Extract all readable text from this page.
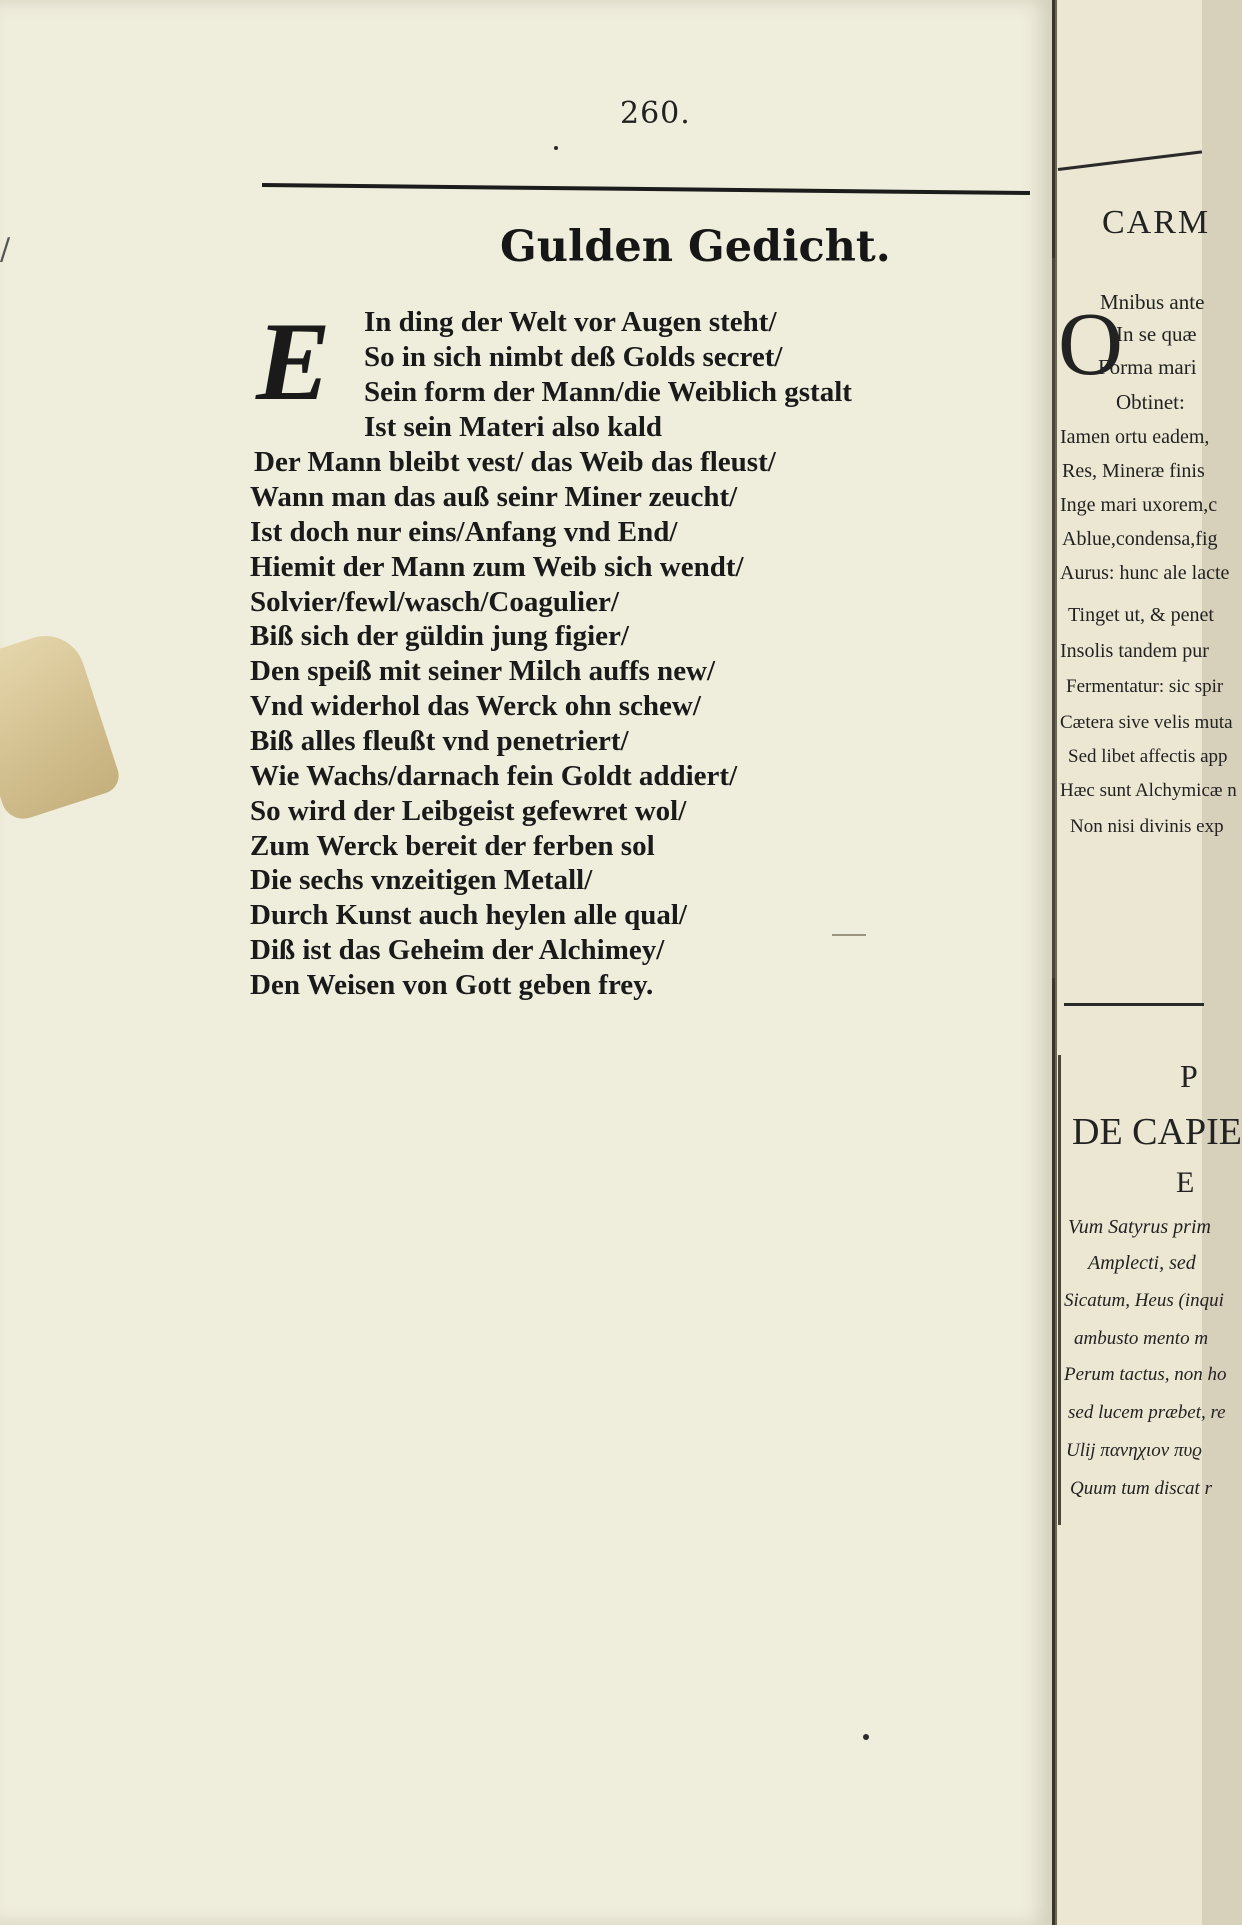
/
260.
Gulden Gedicht.
E In ding der Welt vor Augen steht/
So in sich nimbt deß Golds secret/
Sein form der Mann/die Weiblich gstalt
Ist sein Materi also kald
Der Mann bleibt vest/ das Weib das fleust/
Wann man das auß seinr Miner zeucht/
Ist doch nur eins/Anfang vnd End/
Hiemit der Mann zum Weib sich wendt/
Solvier/fewl/wasch/Coagulier/
Biß sich der güldin jung figier/
Den speiß mit seiner Milch auffs new/
Vnd widerhol das Werck ohn schew/
Biß alles fleußt vnd penetriert/
Wie Wachs/darnach fein Goldt addiert/
So wird der Leibgeist gefewret wol/
Zum Werck bereit der ferben sol
Die sechs vnzeitigen Metall/
Durch Kunst auch heylen alle qual/
Diß ist das Geheim der Alchimey/
Den Weisen von Gott geben frey.
CARM
O
Mnibus ante
In se quæ
Forma mari
Obtinet:
Iamen ortu eadem,
Res, Mineræ finis
Inge mari uxorem,c
Ablue,condensa,fig
Aurus: hunc ale lacte
Tinget ut, & penet
Insolis tandem pur
Fermentatur: sic spir
Cætera sive velis muta
Sed libet affectis app
Hæc sunt Alchymicæ n
Non nisi divinis exp
P
DE CAPIE
E
Vum Satyrus prim
Amplecti, sed
Sicatum, Heus (inqui
ambusto mento m
Perum tactus, non ho
sed lucem præbet, re
Ulij πανηχιον πυϱ
Quum tum discat r
